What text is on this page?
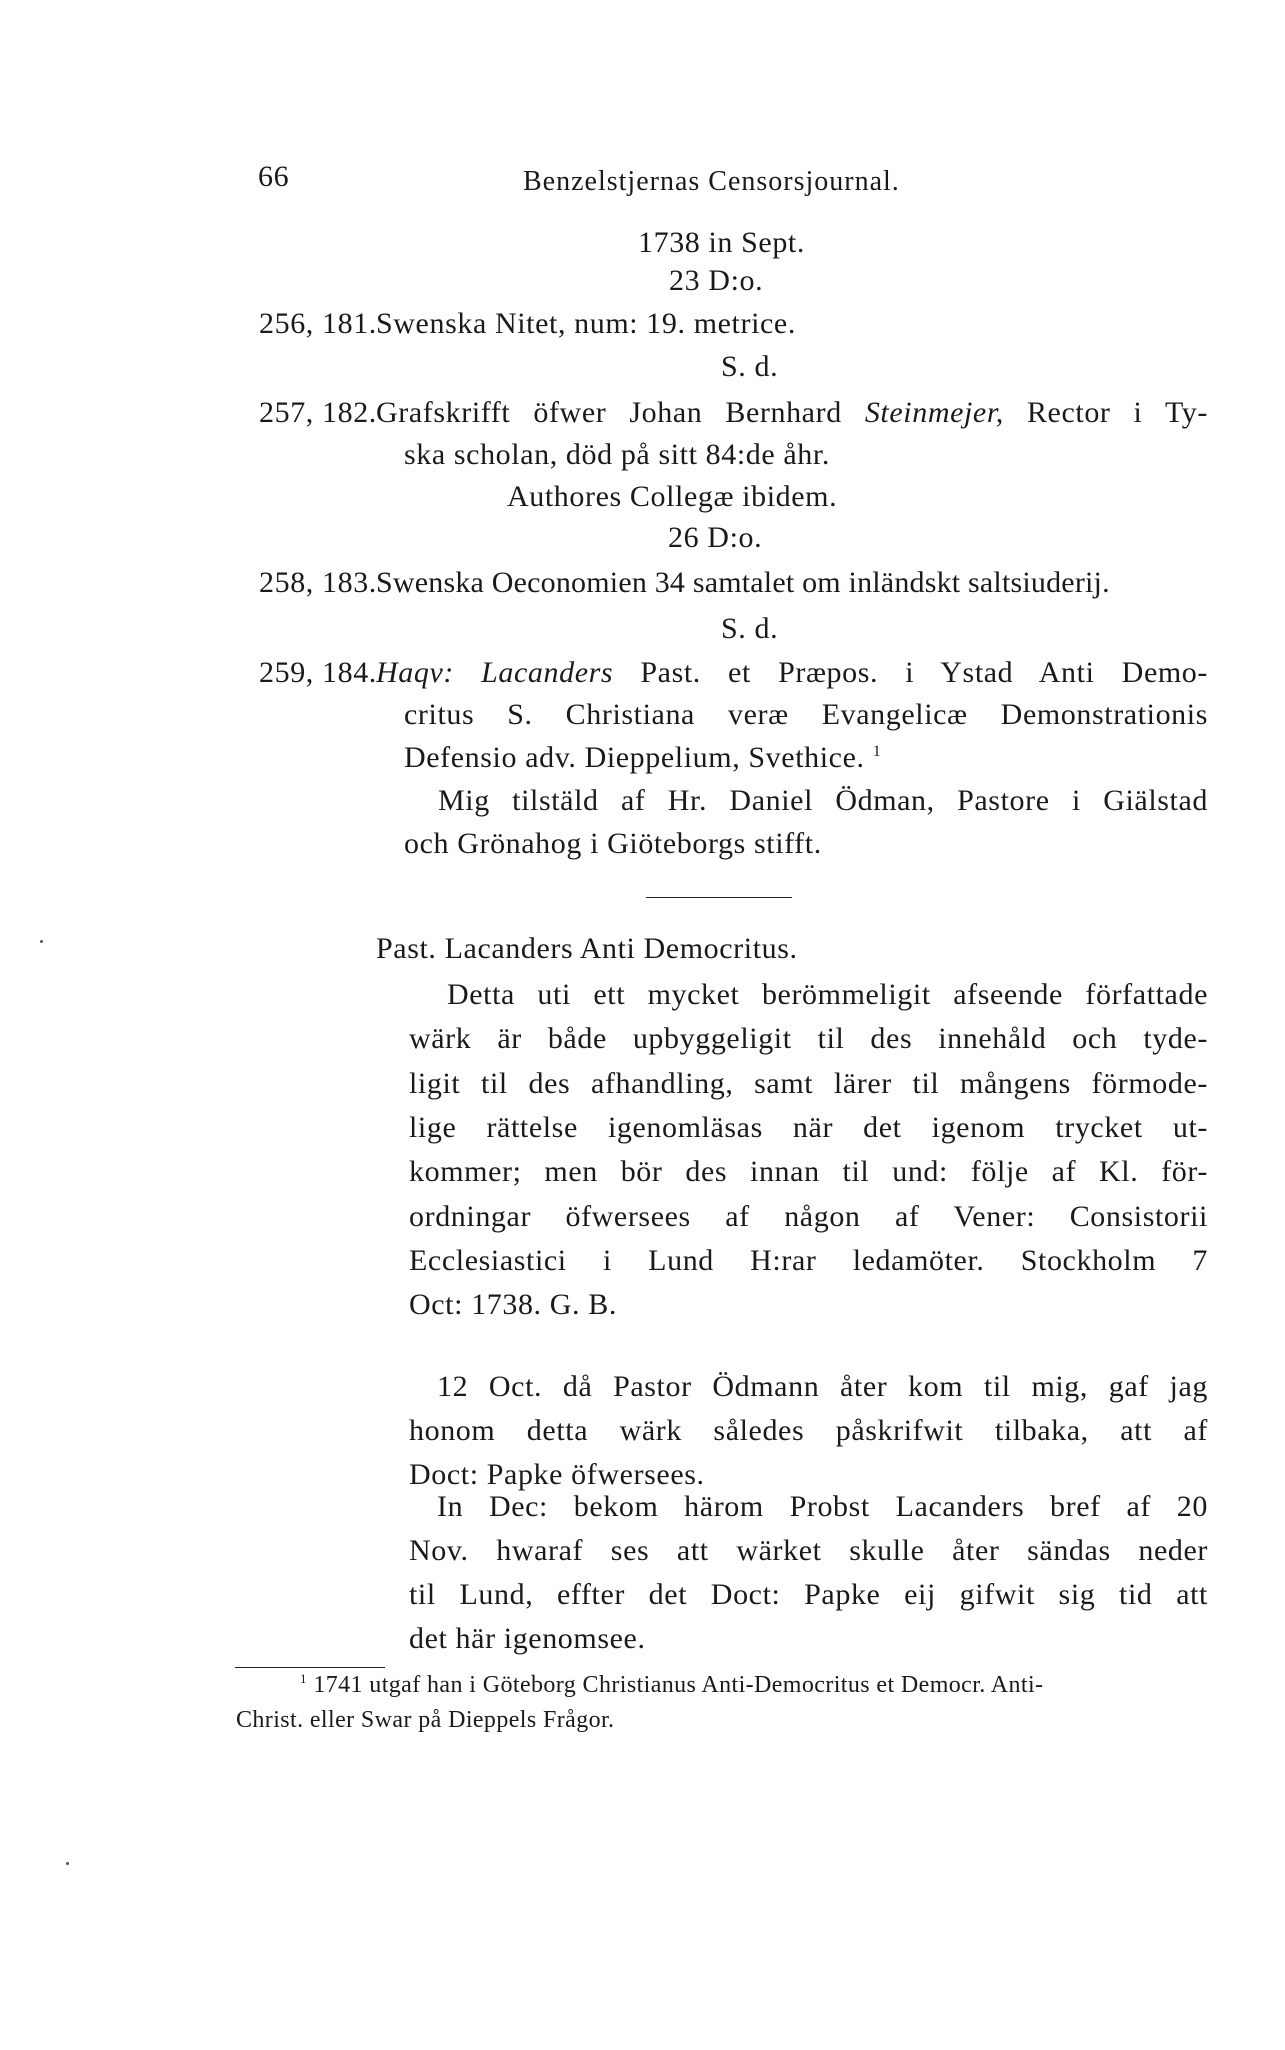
66	Benzelstjernas Censorsjournal.
1738 in Sept.
23 D:o.
256, 181. Swenska Nitet, num: 19. metrice.
S. d.
257, 182. Grafskrifft öfwer Johan Bernhard Steinmejer, Rector i Ty-
ska scholan, död på sitt 84:de åhr.
Authores Collegæ ibidem.
26 D:o.
258, 183. Swenska Oeconomien 34 samtalet om inländskt saltsiuderij.
S. d.
259, 184. Haqv: Lacanders Past. et Præpos. i Ystad Anti Demo-
critus S. Christiana veræ Evangelicæ Demonstrationis
Defensio adv. Dieppelium, Svethice. $^1$
Mig tilstäld af Hr. Daniel Ödman, Pastore i Giälstad
och Grönahog i Giöteborgs stifft.
Past. Lacanders Anti Democritus.
Detta uti ett mycket berömmeligit afseende författade
wärk är både upbyggeligit til des innehåld och tyde-
ligit til des afhandling, samt lärer til mångens förmode-
lige rättelse igenomläsas när det igenom trycket ut-
kommer; men bör des innan til und: följe af Kl. för-
ordningar öfwersees af någon af Vener: Consistorii
Ecclesiastici i Lund H:rar ledamöter. Stockholm 7
Oct: 1738. G. B.
12 Oct. då Pastor Ödmann åter kom til mig, gaf jag
honom detta wärk således påskrifwit tilbaka, att af
Doct: Papke öfwersees.
In Dec: bekom härom Probst Lacanders bref af 20
Nov. hwaraf ses att wärket skulle åter sändas neder
til Lund, effter det Doct: Papke eij gifwit sig tid att
det här igenomsee.
$^1$ 1741 utgaf han i Göteborg Christianus Anti-Democritus et Democr. Anti-
Christ. eller Swar på Dieppels Frågor.
